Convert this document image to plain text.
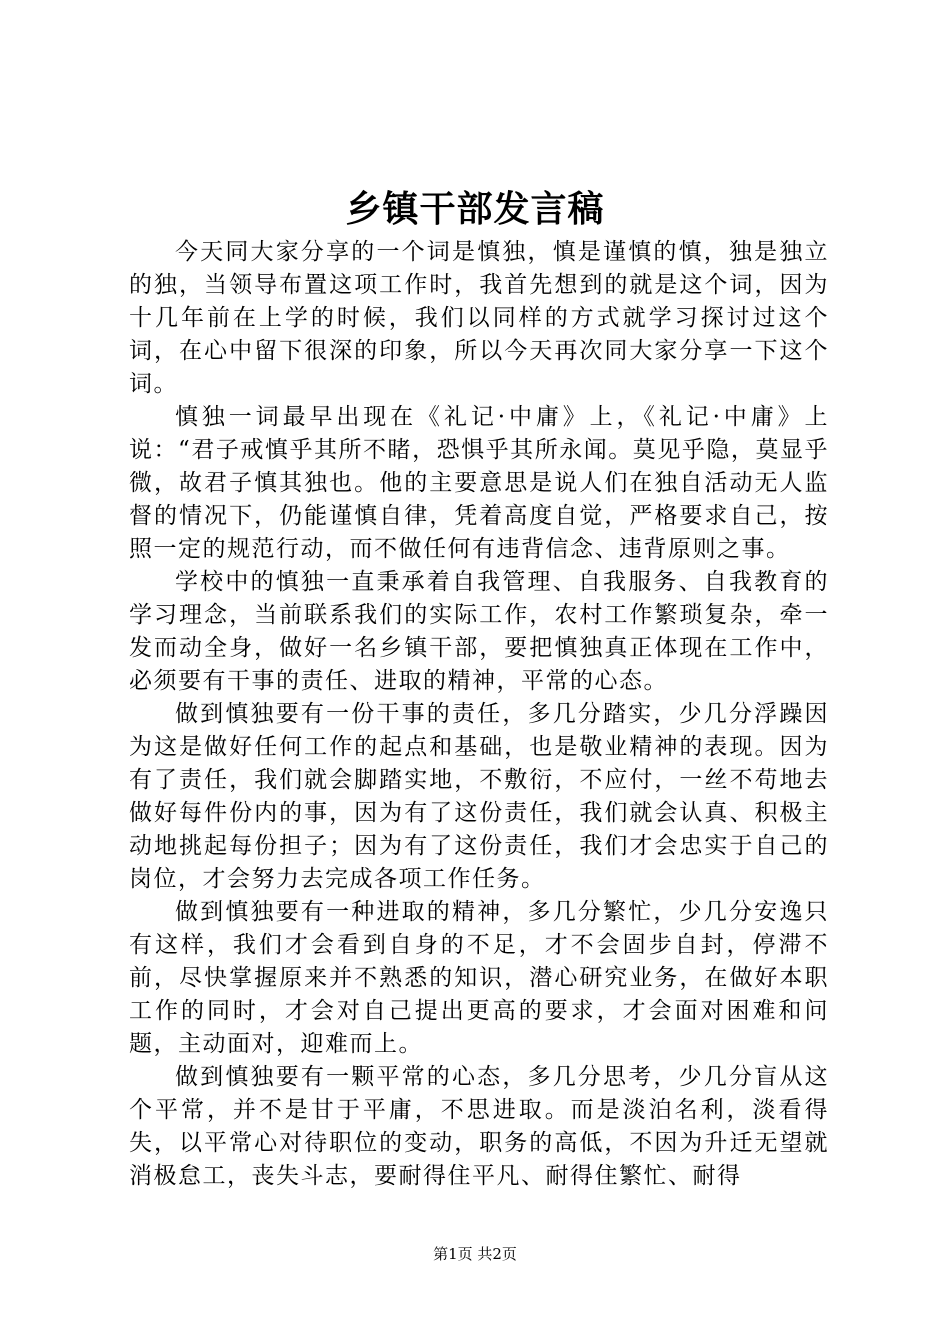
乡镇干部发言稿

今天同大家分享的一个词是慎独，慎是谨慎的慎，独是独立的独，当领导布置这项工作时，我首先想到的就是这个词，因为十几年前在上学的时候，我们以同样的方式就学习探讨过这个词，在心中留下很深的印象，所以今天再次同大家分享一下这个词。

慎独一词最早出现在《礼记·中庸》上，《礼记·中庸》上说：“君子戒慎乎其所不睹，恐惧乎其所永闻。莫见乎隐，莫显乎微，故君子慎其独也。他的主要意思是说人们在独自活动无人监督的情况下，仍能谨慎自律，凭着高度自觉，严格要求自己，按照一定的规范行动，而不做任何有违背信念、违背原则之事。

学校中的慎独一直秉承着自我管理、自我服务、自我教育的学习理念，当前联系我们的实际工作，农村工作繁琐复杂，牵一发而动全身，做好一名乡镇干部，要把慎独真正体现在工作中，必须要有干事的责任、进取的精神，平常的心态。

做到慎独要有一份干事的责任，多几分踏实，少几分浮躁因为这是做好任何工作的起点和基础，也是敬业精神的表现。因为有了责任，我们就会脚踏实地，不敷衍，不应付，一丝不苟地去做好每件份内的事，因为有了这份责任，我们就会认真、积极主动地挑起每份担子；因为有了这份责任，我们才会忠实于自己的岗位，才会努力去完成各项工作任务。

做到慎独要有一种进取的精神，多几分繁忙，少几分安逸只有这样，我们才会看到自身的不足，才不会固步自封，停滞不前，尽快掌握原来并不熟悉的知识，潜心研究业务，在做好本职工作的同时，才会对自己提出更高的要求，才会面对困难和问题，主动面对，迎难而上。

做到慎独要有一颗平常的心态，多几分思考，少几分盲从这个平常，并不是甘于平庸，不思进取。而是淡泊名利，淡看得失，以平常心对待职位的变动，职务的高低，不因为升迁无望就消极怠工，丧失斗志，要耐得住平凡、耐得住繁忙、耐得

第1页 共2页
